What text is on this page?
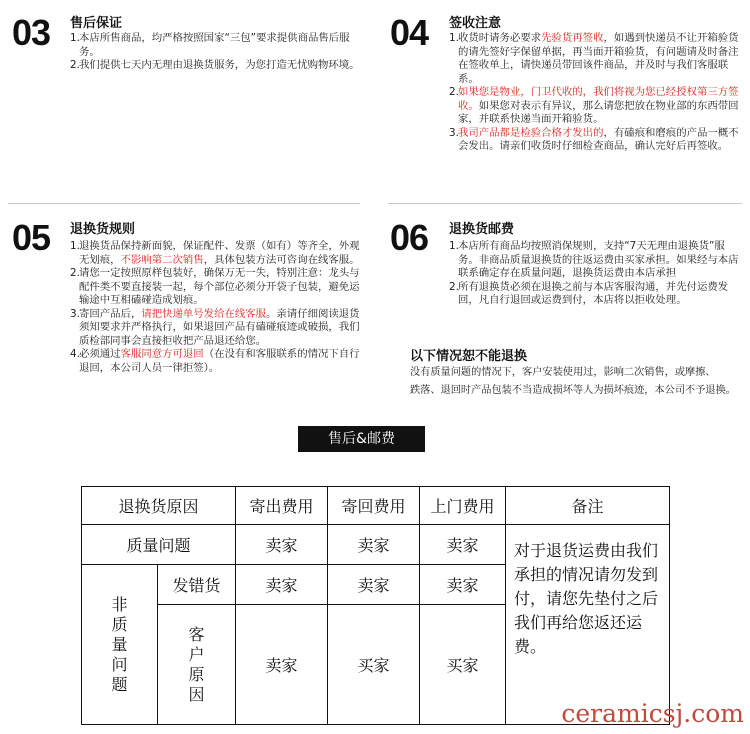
03 售后保证
1. 本店所售商品，均严格按照国家“三包”要求提供商品售后服务。
2. 我们提供七天内无理由退换货服务，为您打造无忧购物环境。
04 签收注意
1. 收货时请务必要求先验货再签收，如遇到快递员不让开箱验货的请先签好字保留单据，再当面开箱验货，有问题请及时备注在签收单上，请快递员带回该件商品，并及时与我们客服联系。
2. 如果您是物业，门卫代收的，我们将视为您已经授权第三方签收。如果您对表示有异议，那么请您把放在物业部的东西带回家，并联系快递当面开箱验货。
3. 我司产品都是检验合格才发出的，有磕痕和磨痕的产品一概不会发出。请亲们收货时仔细检查商品，确认完好后再签收。
05 退换货规则
1. 退换货品保持新面貌，保证配件、发票（如有）等齐全，外观无划痕，不影响第二次销售，具体包装方法可咨询在线客服。
2. 请您一定按照原样包装好，确保万无一失，特别注意：龙头与配件类不要直接装一起，每个部位必须分开袋子包装，避免运输途中互相磕碰造成划痕。
3. 寄回产品后，请把快递单号发给在线客服。亲请仔细阅读退货须知要求并严格执行，如果退回产品有磕碰痕迹或破损，我们质检部同事会直接拒收把产品退还给您。
4. 必须通过客服同意方可退回（在没有和客服联系的情况下自行退回，本公司人员一律拒签）。
06 退换货邮费
1. 本店所有商品均按照消保规则，支持“7天无理由退换货”服务。非商品质量退换货的往返运费由买家承担。如果经与本店联系确定存在质量问题，退换货运费由本店承担
2. 所有退换货必须在退换之前与本店客服沟通，并先付运费发回，凡自行退回或运费到付，本店将以拒收处理。
以下情况恕不能退换
没有质量问题的情况下，客户安装使用过，影响二次销售，或摩擦、
跌落、退回时产品包装不当造成损坏等人为损坏痕迹，本公司不予退换。
售后&邮费
退换货原因		寄出费用	寄回费用	上门费用	备注
质量问题		卖家	卖家	卖家	对于退货运费由我们承担的情况请勿发到付，请您先垫付之后我们再给您返还运费。

非
质
量
问
题	发错货	卖家	卖家	卖家	

	客
户
原
因	卖家	买家	买家	
ceramicsj.com
